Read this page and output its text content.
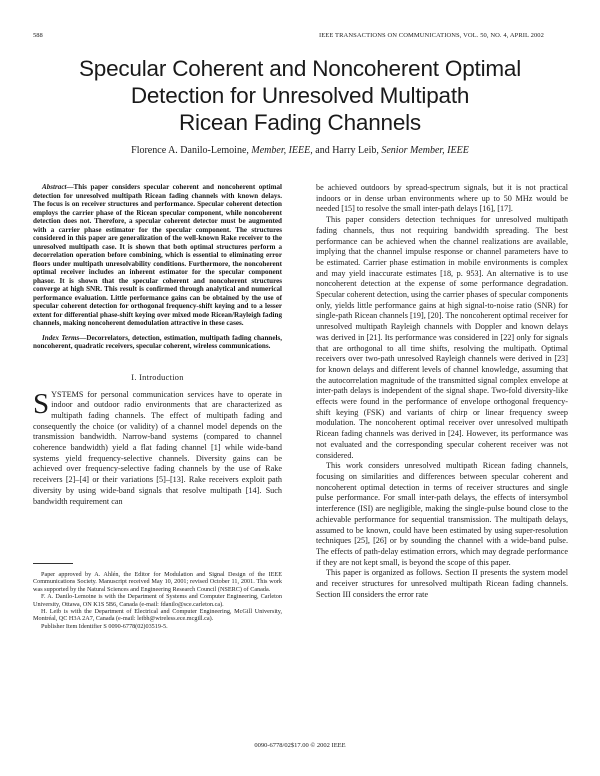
588	IEEE TRANSACTIONS ON COMMUNICATIONS, VOL. 50, NO. 4, APRIL 2002
Specular Coherent and Noncoherent Optimal
Detection for Unresolved Multipath
Ricean Fading Channels
Florence A. Danilo-Lemoine, Member, IEEE, and Harry Leib, Senior Member, IEEE

Abstract—This paper considers specular coherent and noncoherent optimal detection for unresolved multipath Ricean fading channels with known delays. The focus is on receiver structures and performance. Specular coherent detection employs the carrier phase of the Ricean specular component, while noncoherent detection does not. Therefore, a specular coherent detector must be augmented with a carrier phase estimator for the specular component. The structures considered in this paper are generalization of the well-known Rake receiver to the unresolved multipath case. It is shown that both optimal structures perform a decorrelation operation before combining, which is essential to eliminating error floors under multipath unresolvability conditions. Furthermore, the noncoherent optimal receiver includes an inherent estimator for the specular component phasor. It is shown that the specular coherent and noncoherent structures converge at high SNR. This result is confirmed through analytical and numerical performance evaluation. Little performance gains can be obtained by the use of specular coherent detection for orthogonal frequency-shift keying and to a lesser extent for differential phase-shift keying over mixed mode Ricean/Rayleigh fading channels, making noncoherent demodulation attractive in these cases.

Index Terms—Decorrelators, detection, estimation, multipath fading channels, noncoherent, quadratic receivers, specular coherent, wireless communications.

I. Introduction

SYSTEMS for personal communication services have to operate in indoor and outdoor radio environments that are characterized as multipath fading channels. The effect of multipath fading and consequently the choice (or validity) of a channel model depends on the transmission bandwidth. Narrow-band systems (compared to channel coherence bandwidth) yield a flat fading channel [1] while wide-band systems yield frequency-selective channels. Diversity gains can be achieved over frequency-selective fading channels by the use of Rake receivers [2]–[4] or their variations [5]–[13]. Rake receivers exploit path diversity by using wide-band signals that resolve multipath [14]. Such bandwidth requirement can

Paper approved by A. Ahlén, the Editor for Modulation and Signal Design of the IEEE Communications Society. Manuscript received May 10, 2001; revised October 11, 2001. This work was supported by the Natural Sciences and Engineering Research Council (NSERC) of Canada.

F. A. Danilo-Lemoine is with the Department of Systems and Computer Engineering, Carleton University, Ottawa, ON K1S 5B6, Canada (e-mail: fdanilo@sce.carleton.ca).

H. Leib is with the Department of Electrical and Computer Engineering, McGill University, Montréal, QC H3A 2A7, Canada (e-mail: leibh@wireless.ece.mcgill.ca).

Publisher Item Identifier S 0090-6778(02)03519-5.

be achieved outdoors by spread-spectrum signals, but it is not practical indoors or in dense urban environments where up to 50 MHz would be needed [15] to resolve the small inter-path delays [16], [17].

This paper considers detection techniques for unresolved multipath fading channels, thus not requiring bandwidth spreading. The best performance can be achieved when the channel realizations are available, implying that the channel impulse response or channel parameters have to be estimated. Carrier phase estimation in mobile environments is complex and may yield inaccurate estimates [18, p. 953]. An alternative is to use noncoherent detection at the expense of some performance degradation. Specular coherent detection, using the carrier phases of specular components only, yields little performance gains at high signal-to-noise ratio (SNR) for single-path Ricean channels [19], [20]. The noncoherent optimal receiver for unresolved multipath Rayleigh channels with Doppler and known delays was derived in [21]. Its performance was considered in [22] only for signals that are orthogonal to all time shifts, resolving the multipath. Optimal receivers over two-path unresolved Rayleigh channels were derived in [23] for known delays and different levels of channel knowledge, assuming that the autocorrelation magnitude of the transmitted signal complex envelope at inter-path delays is independent of the signal shape. Two-fold diversity-like effects were found in the performance of envelope orthogonal frequency-shift keying (FSK) and variants of chirp or linear frequency sweep modulation. The noncoherent optimal receiver over unresolved multipath Ricean fading channels was derived in [24]. However, its performance was not evaluated and the corresponding specular coherent receiver was not considered.

This work considers unresolved multipath Ricean fading channels, focusing on similarities and differences between specular coherent and noncoherent optimal detection in terms of receiver structures and single pulse performance. For small inter-path delays, the effects of intersymbol interference (ISI) are negligible, making the single-pulse bound close to the achievable performance for sequential transmission. The multipath delays, assumed to be known, could have been estimated by using super-resolution techniques [25], [26] or by sounding the channel with a wide-band pulse. The effects of path-delay estimation errors, which may degrade performance if they are not kept small, is beyond the scope of this paper.

This paper is organized as follows. Section II presents the system model and receiver structures for unresolved multipath Ricean fading channels. Section III considers the error rate

0090-6778/02$17.00 © 2002 IEEE
